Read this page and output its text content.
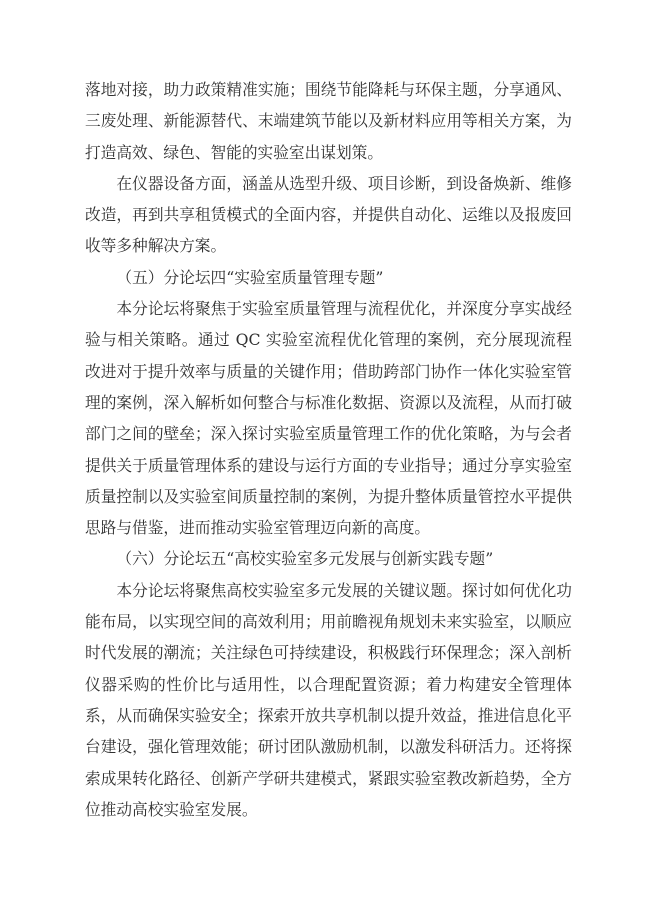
落地对接，助力政策精准实施；围绕节能降耗与环保主题，分享通风、三废处理、新能源替代、末端建筑节能以及新材料应用等相关方案，为打造高效、绿色、智能的实验室出谋划策。

在仪器设备方面，涵盖从选型升级、项目诊断，到设备焕新、维修改造，再到共享租赁模式的全面内容，并提供自动化、运维以及报废回收等多种解决方案。

（五）分论坛四“实验室质量管理专题”

本分论坛将聚焦于实验室质量管理与流程优化，并深度分享实战经验与相关策略。通过 QC 实验室流程优化管理的案例，充分展现流程改进对于提升效率与质量的关键作用；借助跨部门协作一体化实验室管理的案例，深入解析如何整合与标准化数据、资源以及流程，从而打破部门之间的壁垒；深入探讨实验室质量管理工作的优化策略，为与会者提供关于质量管理体系的建设与运行方面的专业指导；通过分享实验室质量控制以及实验室间质量控制的案例，为提升整体质量管控水平提供思路与借鉴，进而推动实验室管理迈向新的高度。

（六）分论坛五“高校实验室多元发展与创新实践专题”

本分论坛将聚焦高校实验室多元发展的关键议题。探讨如何优化功能布局，以实现空间的高效利用；用前瞻视角规划未来实验室，以顺应时代发展的潮流；关注绿色可持续建设，积极践行环保理念；深入剖析仪器采购的性价比与适用性，以合理配置资源；着力构建安全管理体系，从而确保实验安全；探索开放共享机制以提升效益，推进信息化平台建设，强化管理效能；研讨团队激励机制，以激发科研活力。还将探索成果转化路径、创新产学研共建模式，紧跟实验室教改新趋势，全方位推动高校实验室发展。
